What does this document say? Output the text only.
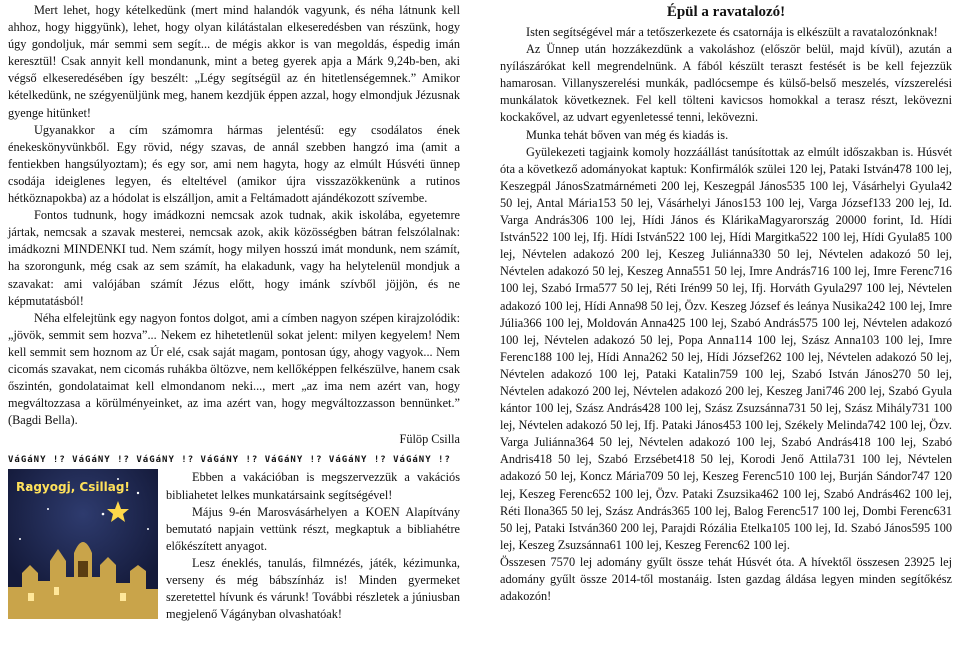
Mert lehet, hogy kételkedünk (mert mind halandók vagyunk, és néha látnunk kell ahhoz, hogy higgyünk), lehet, hogy olyan kilátástalan elkeseredésben van részünk, hogy úgy gondoljuk, már semmi sem segít... de mégis akkor is van megoldás, éspedig imán keresztül! Csak annyit kell mondanunk, mint a beteg gyerek apja a Márk 9,24b-ben, aki végső elkeseredésében így beszélt: „Légy segítségül az én hitetlenségemnek.” Amikor kételkedünk, ne szégyenüljünk meg, hanem kezdjük éppen azzal, hogy elmondjuk Jézusnak gyenge hitünket!

Ugyanakkor a cím számomra hármas jelentésű: egy csodálatos ének énekeskönyvünkből. Egy rövid, négy szavas, de annál szebben hangzó ima (amit a fentiekben hangsúlyoztam); és egy sor, ami nem hagyta, hogy az elmúlt Húsvéti ünnep csodája ideiglenes legyen, és elteltével (amikor újra visszazökkenünk a rutinos hétköznapokba) az a hódolat is elszálljon, amit a Feltámadott ajándékozott szívembe.

Fontos tudnunk, hogy imádkozni nemcsak azok tudnak, akik iskolába, egyetemre jártak, nemcsak a szavak mesterei, nemcsak azok, akik közösségben bátran felszólalnak: imádkozni MINDENKI tud. Nem számít, hogy milyen hosszú imát mondunk, nem számít, ha szorongunk, még csak az sem számít, ha elakadunk, vagy ha helytelenül mondjuk a szavakat: ami valójában számít Jézus előtt, hogy imánk szívből jöjjön, és ne képmutatásból!

Néha elfelejtünk egy nagyon fontos dolgot, ami a címben nagyon szépen kirajzolódik: „jövök, semmit sem hozva”... Nekem ez hihetetlenül sokat jelent: milyen kegyelem! Nem kell semmit sem hoznom az Úr elé, csak saját magam, pontosan úgy, ahogy vagyok... Nem cicomás szavakat, nem cicomás ruhákba öltözve, nem kellőképpen felkészülve, hanem csak őszintén, gondolataimat kell elmondanom neki..., mert „az ima nem azért van, hogy megváltozzasa a körülményeinket, az ima azért van, hogy megváltozzasson bennünket.” (Bagdi Bella).

Fülöp Csilla

VáGáNY !? VáGáNY !? VáGáNY !? VáGáNY !? VáGáNY !? VáGáNY !? VáGáNY !?
Ragyogj, Csillag!

Ebben a vakációban is megszervezzük a vakációs bibliahetet lelkes munkatársaink segítségével!

Május 9-én Marosvásárhelyen a KOEN Alapítvány bemutató napjain vettünk részt, megkaptuk a bibliahétre előkészített anyagot.

Lesz éneklés, tanulás, filmnézés, játék, kézimunka, verseny és még bábszínház is! Minden gyermeket szeretettel hívunk és várunk! További részletek a júniusban megjelenő Vágányban olvashatóak!

Épül a ravatalozó!

Isten segítségével már a tetőszerkezete és csatornája is elkészült a ravatalozónknak!

Az Ünnep után hozzákezdünk a vakoláshoz (először belül, majd kívül), azután a nyílászárókat kell megrendelnünk. A fából készült teraszt festését is be kell fejezzük hamarosan. Villanyszerelési munkák, padlócsempe és külső-belső meszelés, vízszerelési munkálatok következnek. Fel kell tölteni kavicsos homokkal a terasz részt, lekövezni kockakővel, az udvart egyenletessé tenni, lekövezni.

Munka tehát bőven van még és kiadás is.

Gyülekezeti tagjaink komoly hozzáállást tanúsítottak az elmúlt időszakban is. Húsvét óta a következő adományokat kaptuk: Konfirmálók szülei 120 lej, Pataki István478 100 lej, Keszegpál JánosSzatmárnémeti 200 lej, Keszegpál János535 100 lej, Vásárhelyi Gyula42 50 lej, Antal Mária153 50 lej, Vásárhelyi János153 100 lej, Varga József133 200 lej, Id. Varga András306 100 lej, Hídi János és KlárikaMagyarország 20000 forint, Id. Hídi István522 100 lej, Ifj. Hídi István522 100 lej, Hídi Margitka522 100 lej, Hídi Gyula85 100 lej, Névtelen adakozó 200 lej, Keszeg Juliánna330 50 lej, Névtelen adakozó 50 lej, Névtelen adakozó 50 lej, Keszeg Anna551 50 lej, Imre András716 100 lej, Imre Ferenc716 100 lej, Szabó Irma577 50 lej, Réti Irén99 50 lej, Ifj. Horváth Gyula297 100 lej, Névtelen adakozó 100 lej, Hídi Anna98 50 lej, Özv. Keszeg József és leánya Nusika242 100 lej, Imre Júlia366 100 lej, Moldován Anna425 100 lej, Szabó András575 100 lej, Névtelen adakozó 100 lej, Névtelen adakozó 50 lej, Popa Anna114 100 lej, Szász Anna103 100 lej, Imre Ferenc188 100 lej, Hídi Anna262 50 lej, Hídi József262 100 lej, Névtelen adakozó 50 lej, Névtelen adakozó 100 lej, Pataki Katalin759 100 lej, Szabó István János270 50 lej, Névtelen adakozó 200 lej, Névtelen adakozó 200 lej, Keszeg Jani746 200 lej, Szabó Gyula kántor 100 lej, Szász András428 100 lej, Szász Zsuzsánna731 50 lej, Szász Mihály731 100 lej, Névtelen adakozó 50 lej, Ifj. Pataki János453 100 lej, Székely Melinda742 100 lej, Özv. Varga Juliánna364 50 lej, Névtelen adakozó 100 lej, Szabó András418 100 lej, Szabó Andris418 50 lej, Szabó Erzsébet418 50 lej, Korodi Jenő Attila731 100 lej, Névtelen adakozó 50 lej, Koncz Mária709 50 lej, Keszeg Ferenc510 100 lej, Burján Sándor747 120 lej, Keszeg Ferenc652 100 lej, Özv. Pataki Zsuzsika462 100 lej, Szabó András462 100 lej, Réti Ilona365 50 lej, Szász András365 100 lej, Balog Ferenc517 100 lej, Dombi Ferenc631 50 lej, Pataki István360 200 lej, Parajdi Rózália Etelka105 100 lej, Id. Szabó János595 100 lej, Keszeg Zsuzsánna61 100 lej, Keszeg Ferenc62 100 lej.

Összesen 7570 lej adomány gyűlt össze tehát Húsvét óta. A hívektől összesen 23925 lej adomány gyűlt össze 2014-től mostanáig. Isten gazdag áldása legyen minden segítőkész adakozón!
